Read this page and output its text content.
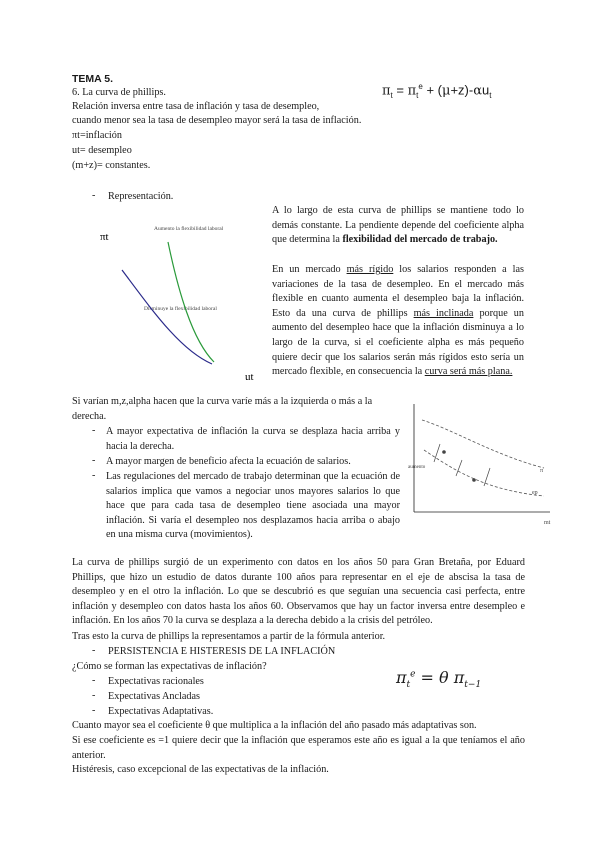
TEMA 5.
$\pi_t = \pi_t^e + (\mu+z)-\alpha u_t$
6. La curva de phillips.
Relación inversa entre tasa de inflación y tasa de desempleo,
cuando menor sea la tasa de desempleo mayor será la tasa de inflación.
πt=inflación
ut= desempleo
(m+z)= constantes.
- Representación.
πt
ut
Aumento la flexibilidad laboral
Disminuye la flexibilidad laboral
A lo largo de esta curva de phillips se mantiene todo lo demás constante. La pendiente depende del coeficiente alpha que determina la flexibilidad del mercado de trabajo.
En un mercado más rígido los salarios responden a las variaciones de la tasa de desempleo. En el mercado más flexible en cuanto aumenta el desempleo baja la inflación. Esto da una curva de phillips más inclinada porque un aumento del desempleo hace que la inflación disminuya a lo largo de la curva, si el coeficiente alpha es más pequeño quiere decir que los salarios serán más rígidos esto sería un mercado flexible, en consecuencia la curva será más plana.
Si varían m,z,alpha hacen que la curva varíe más a la izquierda o más a la derecha.
- A mayor expectativa de inflación la curva se desplaza hacia arriba y hacia la derecha.
- A mayor margen de beneficio afecta la ecuación de salarios.
- Las regulaciones del mercado de trabajo determinan que la ecuación de salarios implica que vamos a negociar unos mayores salarios lo que hace que para cada tasa de desempleo tiene asociada una mayor inflación. Si varía el desempleo nos desplazamos hacia arriba o abajo en una misma curva (movimientos).
aumento
ep
π
mt
La curva de phillips surgió de un experimento con datos en los años 50 para Gran Bretaña, por Eduard Phillips, que hizo un estudio de datos durante 100 años para representar en el eje de abscisa la tasa de desempleo y en el otro la inflación. Lo que se descubrió es que seguían una secuencia casi perfecta, entre inflación y desempleo con datos hasta los años 60. Observamos que hay un factor inversa entre desempleo e inflación. En los años 70 la curva se desplaza a la derecha debido a la crisis del petróleo.
Tras esto la curva de phillips la representamos a partir de la fórmula anterior.
- PERSISTENCIA E HISTERESIS DE LA INFLACIÓN
¿Cómo se forman las expectativas de inflación?
- Expectativas racionales
- Expectativas Ancladas
- Expectativas Adaptativas.
$\pi_t^e = \theta$ $\pi_{t-1}$
Cuanto mayor sea el coeficiente θ que multiplica a la inflación del año pasado más adaptativas son.
Si ese coeficiente es =1 quiere decir que la inflación que esperamos este año es igual a la que teníamos el año anterior.
Histéresis, caso excepcional de las expectativas de la inflación.
